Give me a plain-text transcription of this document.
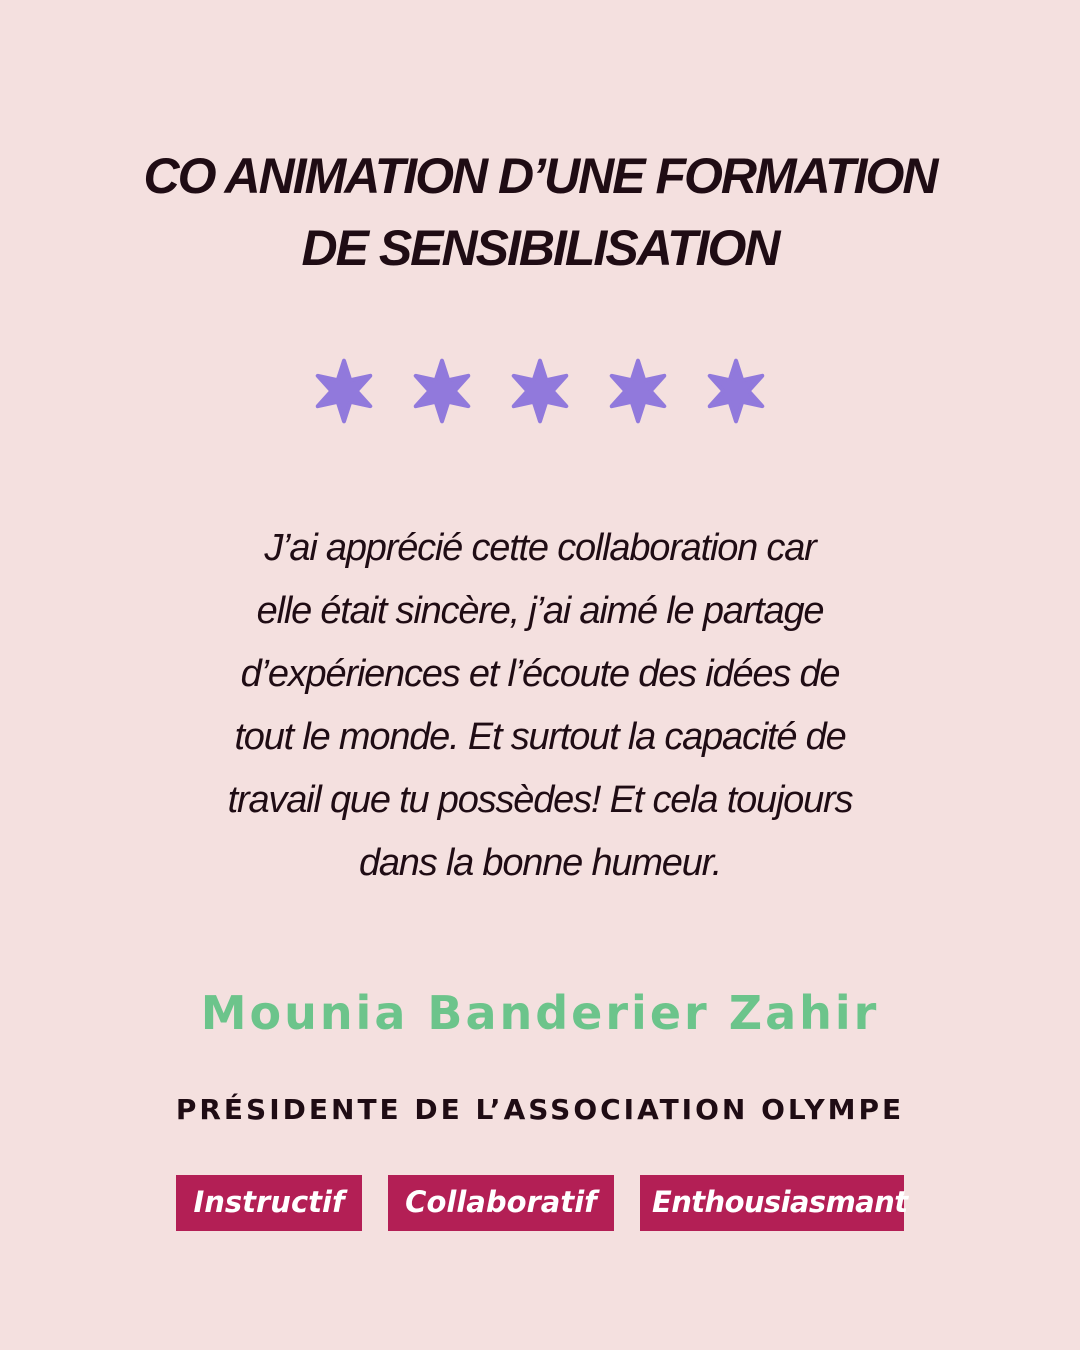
CO ANIMATION D’UNE FORMATION
DE SENSIBILISATION
J’ai apprécié cette collaboration car
elle était sincère, j’ai aimé le partage
d’expériences et l’écoute des idées de
tout le monde. Et surtout la capacité de
travail que tu possèdes! Et cela toujours
dans la bonne humeur.
Mounia Banderier Zahir
PRÉSIDENTE DE L’ASSOCIATION OLYMPE
Instructif	Collaboratif	Enthousiasmant
